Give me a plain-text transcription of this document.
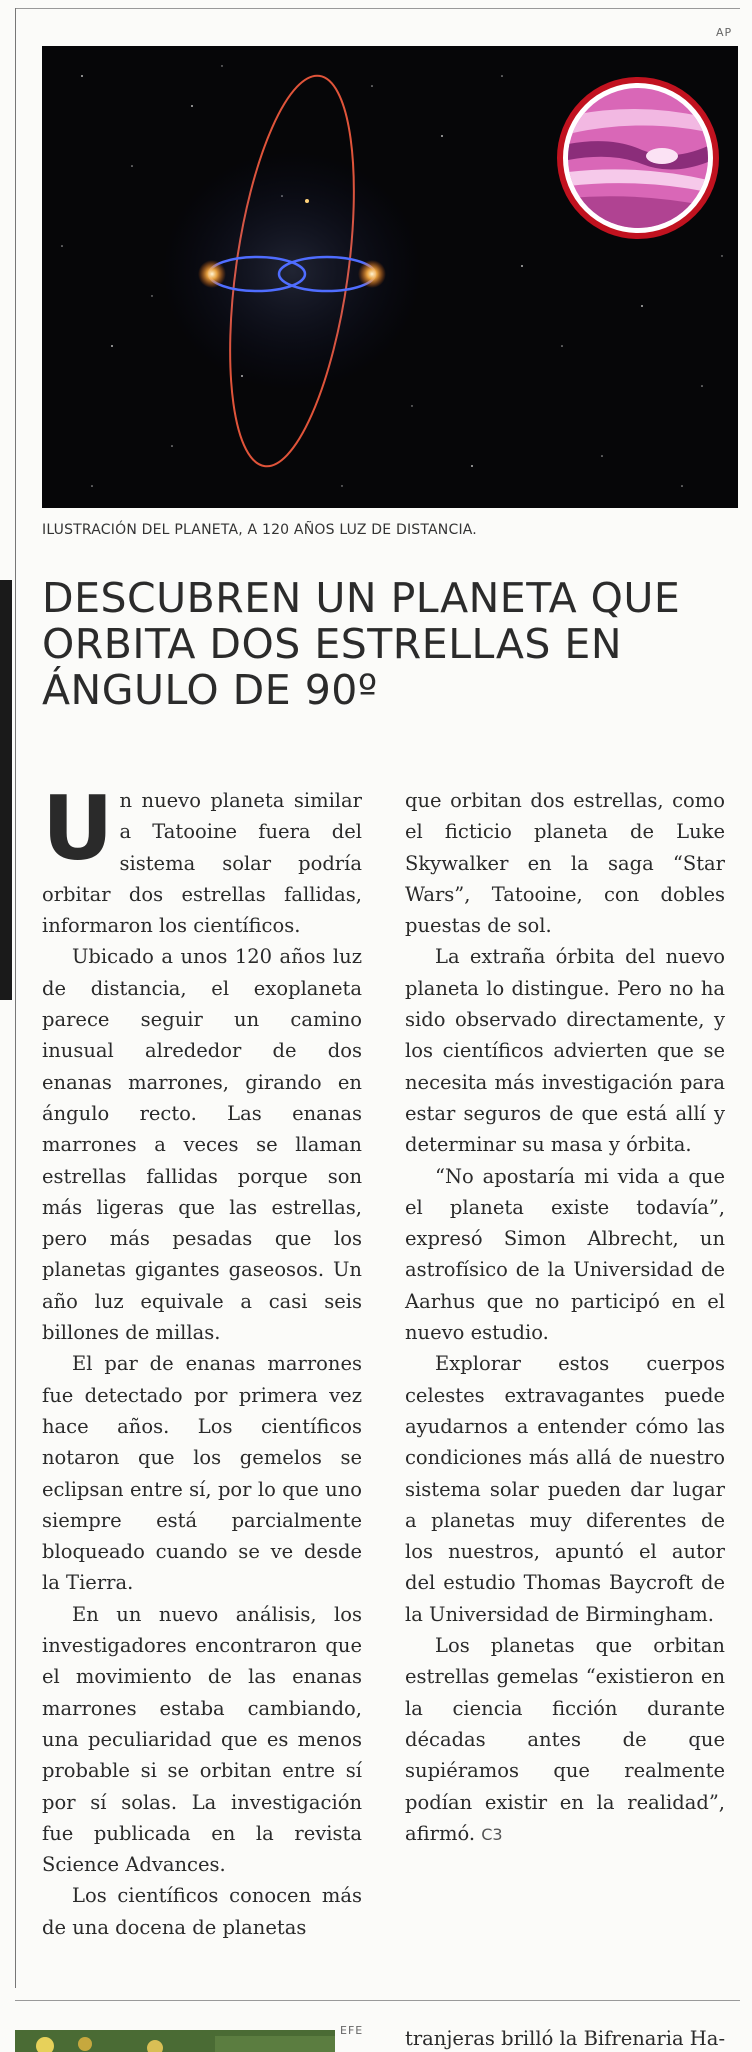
AP
ILUSTRACIÓN DEL PLANETA, A 120 AÑOS LUZ DE DISTANCIA.
DESCUBREN UN PLANETA QUE ORBITA DOS ESTRELLAS EN ÁNGULO DE 90º

Un nuevo planeta similar a Tatooine fuera del sistema solar podría orbitar dos estrellas fallidas, informaron los científicos.

Ubicado a unos 120 años luz de distancia, el exoplaneta parece seguir un camino inusual alrededor de dos enanas marrones, girando en ángulo recto. Las enanas marrones a veces se llaman estrellas fallidas porque son más ligeras que las estrellas, pero más pesadas que los planetas gigantes gaseosos. Un año luz equivale a casi seis billones de millas.

El par de enanas marrones fue detectado por primera vez hace años. Los científicos notaron que los gemelos se eclipsan entre sí, por lo que uno siempre está parcialmente bloqueado cuando se ve desde la Tierra.

En un nuevo análisis, los investigadores encontraron que el movimiento de las enanas marrones estaba cambiando, una peculiaridad que es menos probable si se orbitan entre sí por sí solas. La investigación fue publicada en la revista Science Advances.

Los científicos conocen más de una docena de planetas

que orbitan dos estrellas, como el ficticio planeta de Luke Skywalker en la saga “Star Wars”, Tatooine, con dobles puestas de sol.

La extraña órbita del nuevo planeta lo distingue. Pero no ha sido observado directamente, y los científicos advierten que se necesita más investigación para estar seguros de que está allí y determinar su masa y órbita.

“No apostaría mi vida a que el planeta existe todavía”, expresó Simon Albrecht, un astrofísico de la Universidad de Aarhus que no participó en el nuevo estudio.

Explorar estos cuerpos celestes extravagantes puede ayudarnos a entender cómo las condiciones más allá de nuestro sistema solar pueden dar lugar a planetas muy diferentes de los nuestros, apuntó el autor del estudio Thomas Baycroft de la Universidad de Birmingham.

Los planetas que orbitan estrellas gemelas “existieron en la ciencia ficción durante décadas antes de que supiéramos que realmente podían existir en la realidad”, afirmó. C3

EFE tranjeras brilló la Bifrenaria Ha-
